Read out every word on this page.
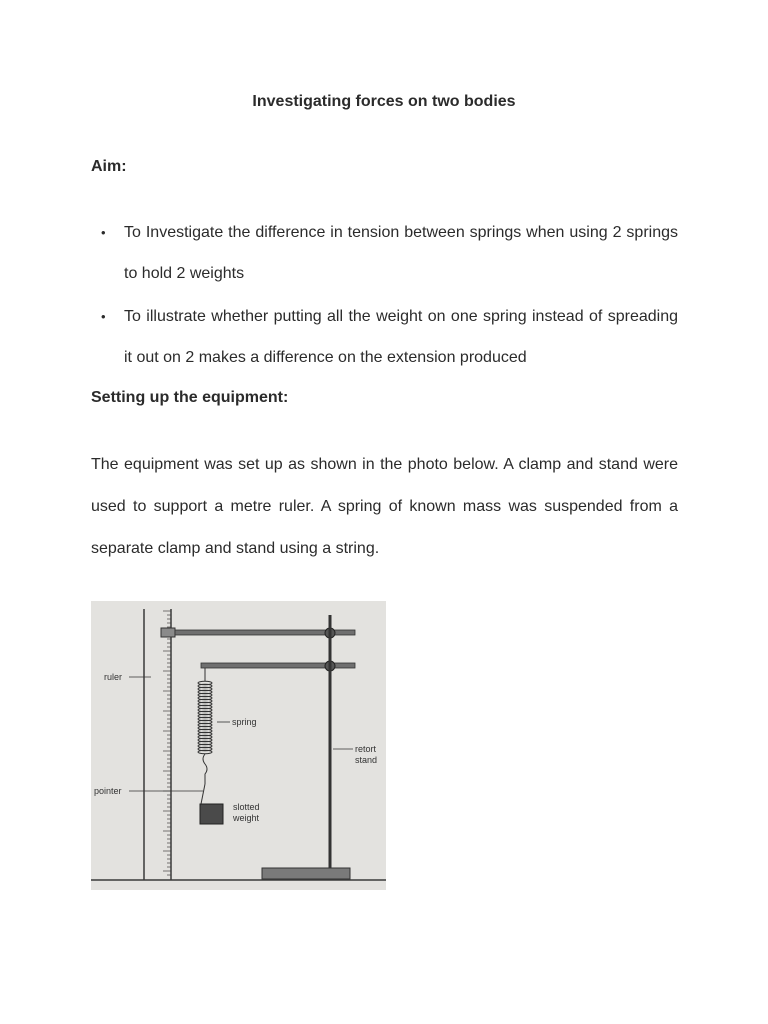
Investigating forces on two bodies
Aim:
• To Investigate the difference in tension between springs when using 2 springs to hold 2 weights
• To illustrate whether putting all the weight on one spring instead of spreading it out on 2 makes a difference on the extension produced
Setting up the equipment:
The equipment was set up as shown in the photo below. A clamp and stand were used to support a metre ruler. A spring of known mass was suspended from a separate clamp and stand using a string.
ruler
spring
retort
stand
pointer
slotted
weight
